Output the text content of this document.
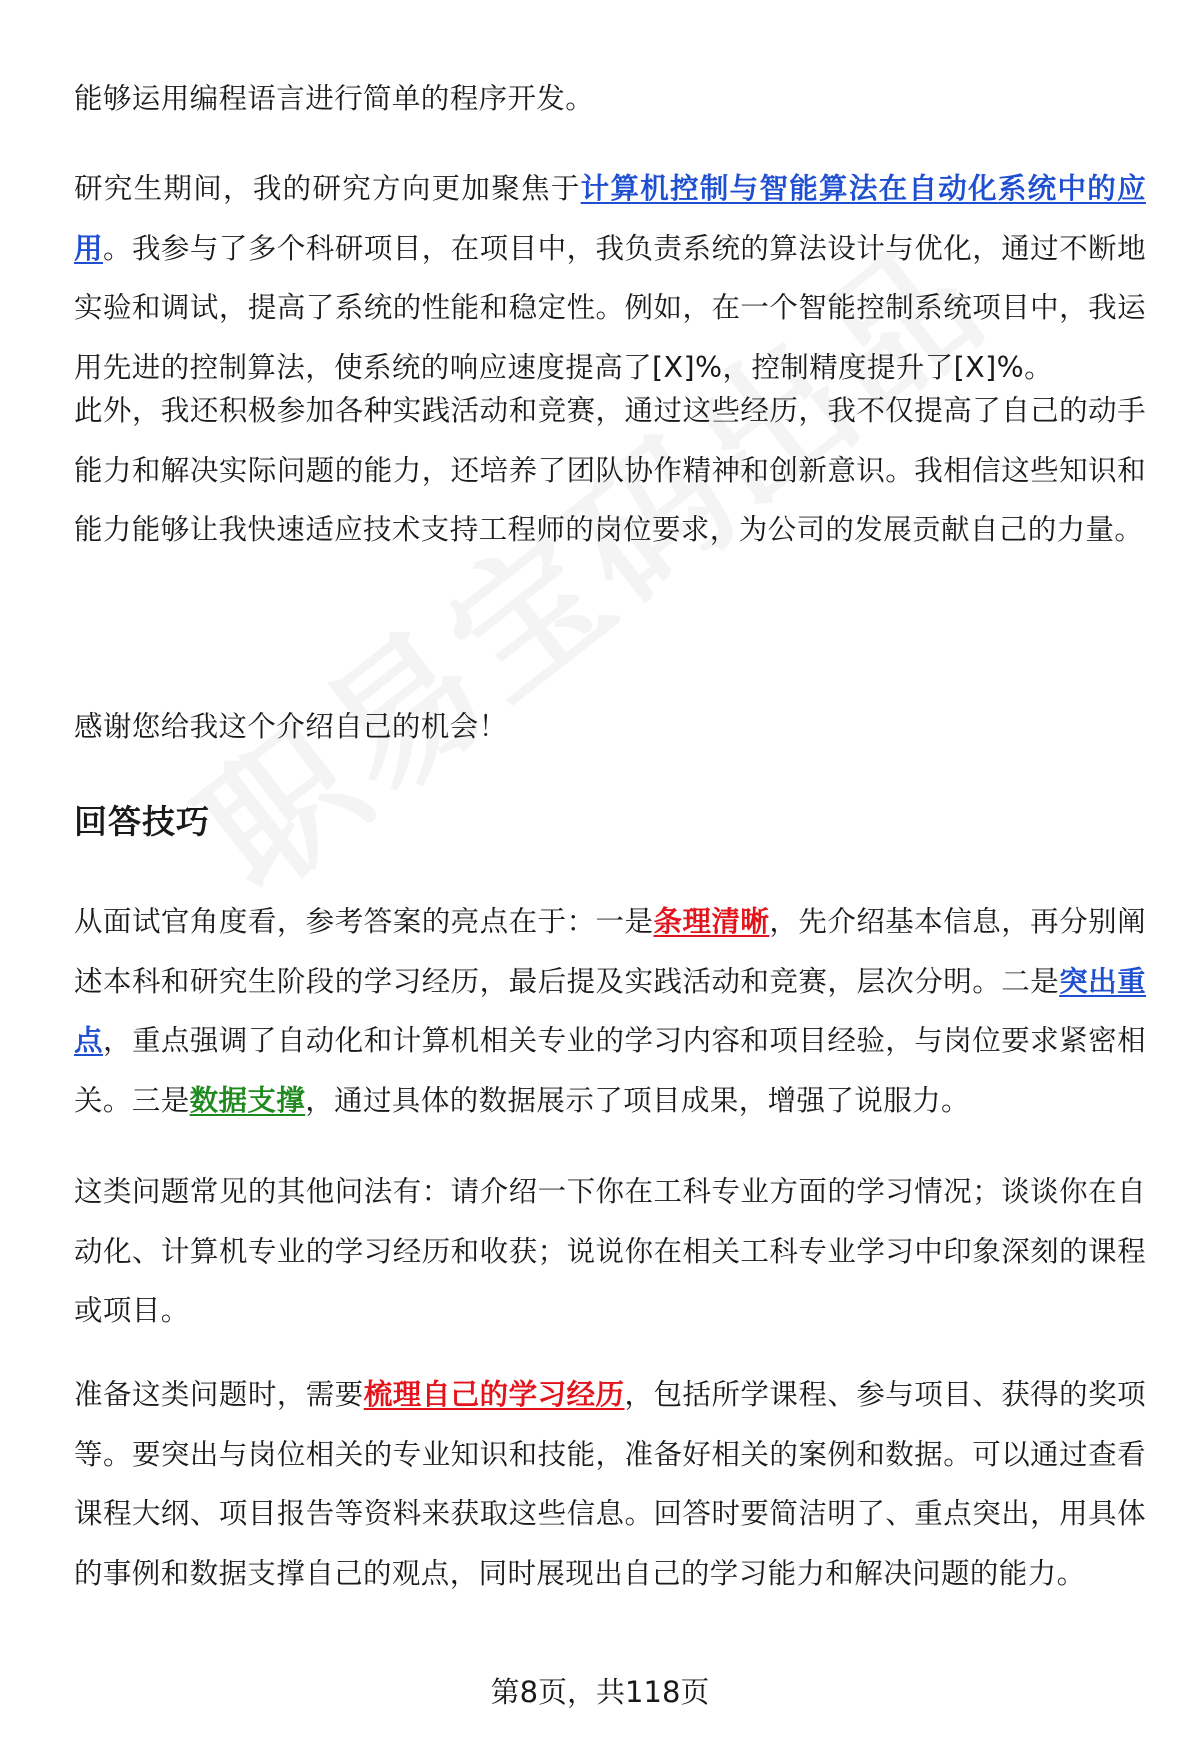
能够运用编程语言进行简单的程序开发。

研究生期间，我的研究方向更加聚焦于计算机控制与智能算法在自动化系统中的应用。我参与了多个科研项目，在项目中，我负责系统的算法设计与优化，通过不断地实验和调试，提高了系统的性能和稳定性。例如，在一个智能控制系统项目中，我运用先进的控制算法，使系统的响应速度提高了[X]%，控制精度提升了[X]%。

此外，我还积极参加各种实践活动和竞赛，通过这些经历，我不仅提高了自己的动手能力和解决实际问题的能力，还培养了团队协作精神和创新意识。我相信这些知识和能力能够让我快速适应技术支持工程师的岗位要求，为公司的发展贡献自己的力量。

感谢您给我这个介绍自己的机会！

回答技巧

从面试官角度看，参考答案的亮点在于：一是条理清晰，先介绍基本信息，再分别阐述本科和研究生阶段的学习经历，最后提及实践活动和竞赛，层次分明。二是突出重点，重点强调了自动化和计算机相关专业的学习内容和项目经验，与岗位要求紧密相关。三是数据支撑，通过具体的数据展示了项目成果，增强了说服力。

这类问题常见的其他问法有：请介绍一下你在工科专业方面的学习情况；谈谈你在自动化、计算机专业的学习经历和收获；说说你在相关工科专业学习中印象深刻的课程或项目。

准备这类问题时，需要梳理自己的学习经历，包括所学课程、参与项目、获得的奖项等。要突出与岗位相关的专业知识和技能，准备好相关的案例和数据。可以通过查看课程大纲、项目报告等资料来获取这些信息。回答时要简洁明了、重点突出，用具体的事例和数据支撑自己的观点，同时展现出自己的学习能力和解决问题的能力。

第8页，共118页
